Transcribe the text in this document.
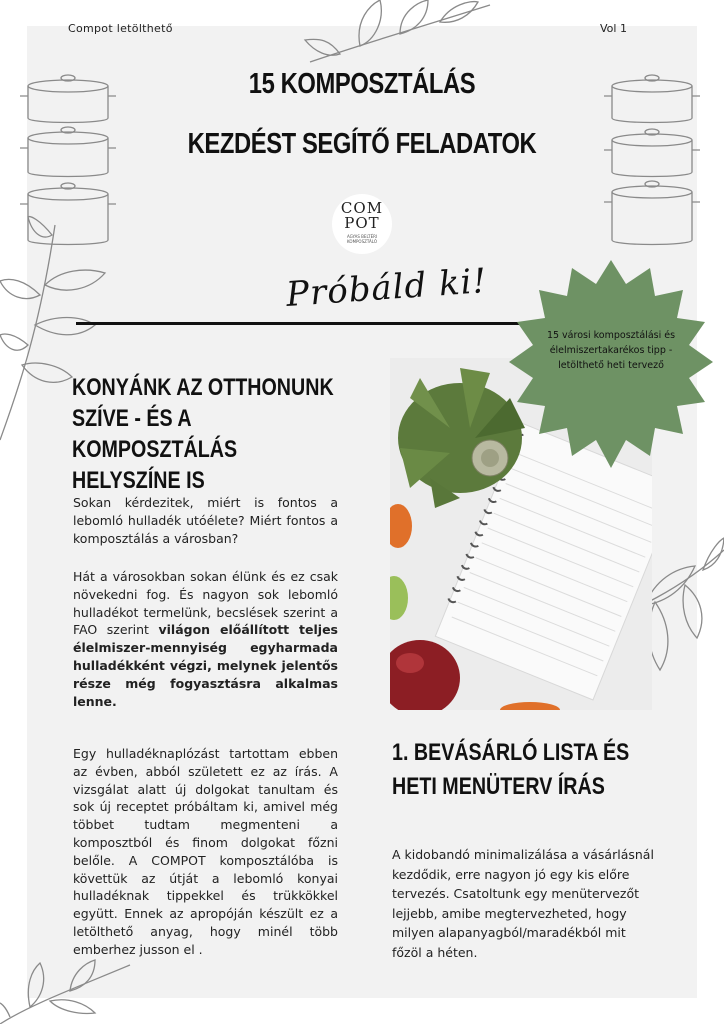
Compot letölthető	Vol 1
15 KOMPOSZTÁLÁS
KEZDÉST SEGÍTŐ FELADATOK
COM
POT
AGYAS BELTÉRI
KOMPOSZTÁLÓ
Próbáld ki!
15 városi komposztálási és élelmiszertakarékos tipp - letölthető heti tervező
KONYÁNK AZ OTTHONUNK SZÍVE - ÉS A KOMPOSZTÁLÁS HELYSZÍNE IS
Sokan kérdezitek, miért is fontos a lebomló hulladék utóélete? Miért fontos a komposztálás a városban?
Hát a városokban sokan élünk és ez csak növekedni fog. És nagyon sok lebomló hulladékot termelünk, becslések szerint a FAO szerint világon előállított teljes élelmiszer-mennyiség egyharmada hulladékként végzi, melynek jelentős része még fogyasztásra alkalmas lenne.
Egy hulladéknaplózást tartottam ebben az évben, abból született ez az írás. A vizsgálat alatt új dolgokat tanultam és sok új receptet próbáltam ki, amivel még többet tudtam megmenteni a komposztból és finom dolgokat főzni belőle. A COMPOT komposztálóba is követtük az útját a lebomló konyai hulladéknak tippekkel és trükkökkel együtt. Ennek az apropóján készült ez a letölthető anyag, hogy minél több emberhez jusson el .
1. BEVÁSÁRLÓ LISTA ÉS HETI MENÜTERV ÍRÁS
A kidobandó minimalizálása a vásárlásnál kezdődik, erre nagyon jó egy kis előre tervezés. Csatoltunk egy menütervezőt lejjebb, amibe megtervezheted, hogy milyen alapanyagból/maradékból mit főzöl a héten.
